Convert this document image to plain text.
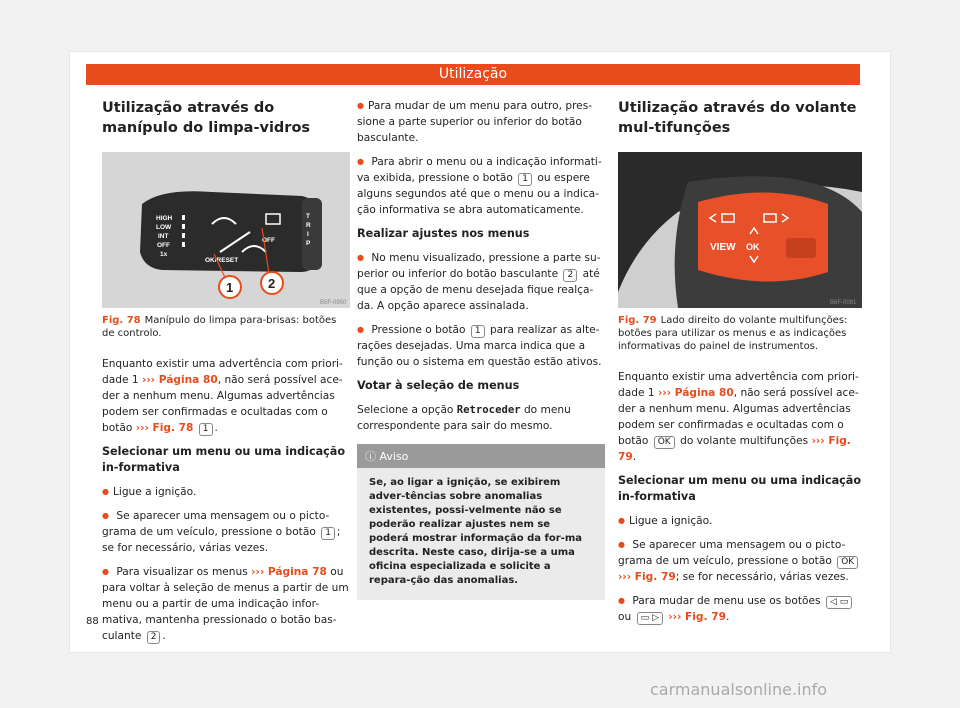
Utilização
Utilização através do manípulo do limpa-vidros
HIGH
LOW
INT
OFF
1x
OK/RESET
OFF
T
R
I
P
1	2
B5F-0950
Fig. 78 Manípulo do limpa para-brisas: botões de controlo.

Enquanto existir uma advertência com priori-dade 1 ››› Página 80, não será possível ace-der a nenhum menu. Algumas advertências podem ser confirmadas e ocultadas com o botão ››› Fig. 78 1 .

Selecionar um menu ou uma indicação in-formativa

● Ligue a ignição.

● Se aparecer uma mensagem ou o picto-grama de um veículo, pressione o botão 1 ; se for necessário, várias vezes.

● Para visualizar os menus ››› Página 78 ou para voltar à seleção de menus a partir de um menu ou a partir de uma indicação infor-mativa, mantenha pressionado o botão bas-culante 2 .

● Para mudar de um menu para outro, pres-sione a parte superior ou inferior do botão basculante.

● Para abrir o menu ou a indicação informati-va exibida, pressione o botão 1 ou espere alguns segundos até que o menu ou a indica-ção informativa se abra automaticamente.

Realizar ajustes nos menus

● No menu visualizado, pressione a parte su-perior ou inferior do botão basculante 2 até que a opção de menu desejada fique realça-da. A opção aparece assinalada.

● Pressione o botão 1 para realizar as alte-rações desejadas. Uma marca indica que a função ou o sistema em questão estão ativos.

Votar à seleção de menus

Selecione a opção Retroceder do menu correspondente para sair do mesmo.

ⓘ Aviso
Se, ao ligar a ignição, se exibirem adver-tências sobre anomalias existentes, possi-velmente não se poderão realizar ajustes nem se poderá mostrar informação da for-ma descrita. Neste caso, dirija-se a uma oficina especializada e solicite a repara-ção das anomalias.
Utilização através do volante mul-tifunções
VIEW OK
B6F-0091
Fig. 79 Lado direito do volante multifunções: botões para utilizar os menus e as indicações informativas do painel de instrumentos.

Enquanto existir uma advertência com priori-dade 1 ››› Página 80, não será possível ace-der a nenhum menu. Algumas advertências podem ser confirmadas e ocultadas com o botão OK do volante multifunções ››› Fig. 79.

Selecionar um menu ou uma indicação in-formativa

● Ligue a ignição.

● Se aparecer uma mensagem ou o picto-grama de um veículo, pressione o botão OK ››› Fig. 79; se for necessário, várias vezes.

● Para mudar de menu use os botões ◁ ▭ ou ▭ ▷ ››› Fig. 79.

88
carmanualsonline.info
